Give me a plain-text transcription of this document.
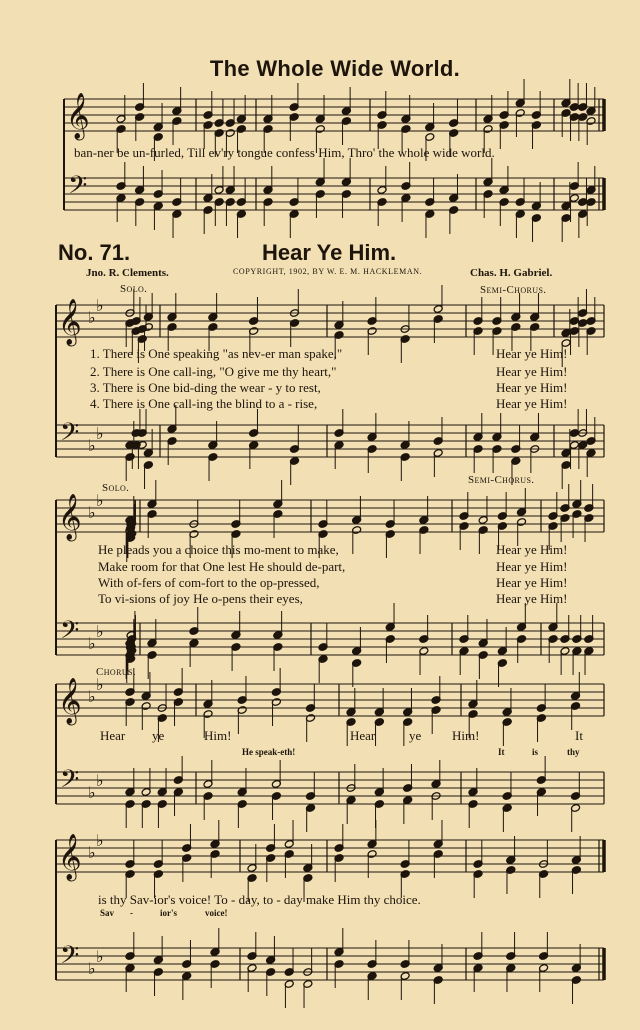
𝄞
𝄢
𝄞
𝄢
♭
♭
♭
♭
𝄞
𝄢
♭
♭
♭
♭
𝄞
𝄢
♭
♭
♭
♭
𝄞
𝄢
♭
♭
♭
♭
The Whole Wide World.
ban-ner be un-furled, Till ev'ry tongue confess Him, Thro' the whole wide world.
No. 71.	Hear Ye Him.
Jno. R. Clements.	COPYRIGHT, 1902, BY W. E. M. HACKLEMAN.	Chas. H. Gabriel.
Solo.	Semi-Chorus.
1. There is One speaking "as nev-er man spake,"
2. There is One call-ing, "O give me thy heart,"
3. There is One bid-ding the wear - y to rest,
4. There is One call-ing the blind to a - rise,
Hear ye Him!
Hear ye Him!
Hear ye Him!
Hear ye Him!
Solo.
Semi-Chorus.
He pleads you a choice this mo-ment to make,
Make room for that One lest He should de-part,
With of-fers of com-fort to the op-pressed,
To vi-sions of joy He o-pens their eyes,
Hear ye Him!
Hear ye Him!
Hear ye Him!
Hear ye Him!
Chorus.
Hear ye	Him!	Hear	ye Him!	It
He speak-eth!	It	is	thy
is thy Sav-ior's voice! To - day, to - day make Him thy choice.
Sav -	ior's	voice!
